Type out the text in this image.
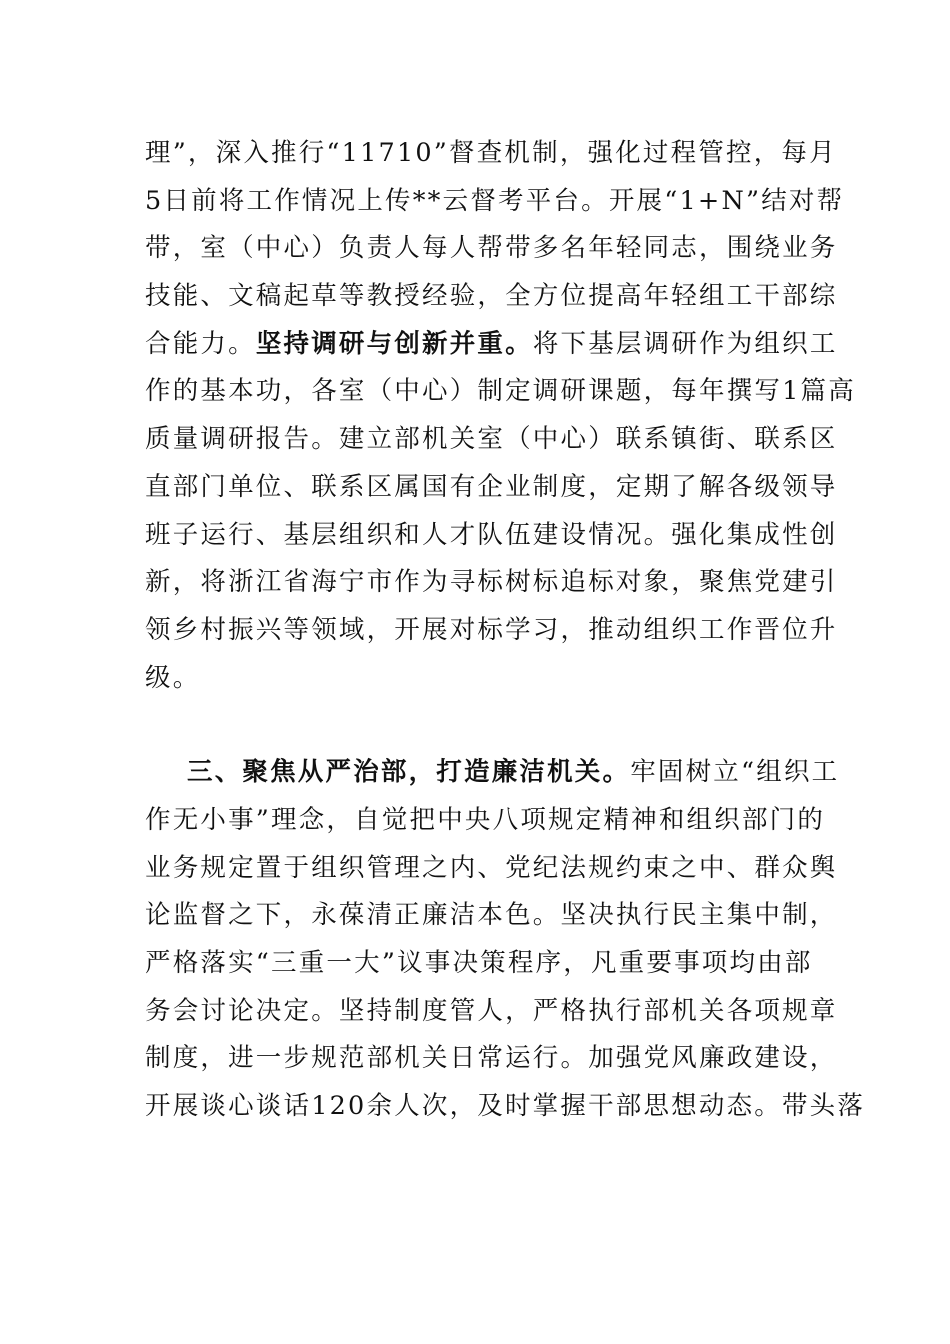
理”，深入推行“11710”督查机制，强化过程管控，每月
5日前将工作情况上传**云督考平台。开展“1+N”结对帮
带，室（中心）负责人每人帮带多名年轻同志，围绕业务
技能、文稿起草等教授经验，全方位提高年轻组工干部综
合能力。坚持调研与创新并重。将下基层调研作为组织工
作的基本功，各室（中心）制定调研课题，每年撰写1篇高
质量调研报告。建立部机关室（中心）联系镇街、联系区
直部门单位、联系区属国有企业制度，定期了解各级领导
班子运行、基层组织和人才队伍建设情况。强化集成性创
新，将浙江省海宁市作为寻标树标追标对象，聚焦党建引
领乡村振兴等领域，开展对标学习，推动组织工作晋位升
级。
三、聚焦从严治部，打造廉洁机关。牢固树立“组织工
作无小事”理念，自觉把中央八项规定精神和组织部门的
业务规定置于组织管理之内、党纪法规约束之中、群众舆
论监督之下，永葆清正廉洁本色。坚决执行民主集中制，
严格落实“三重一大”议事决策程序，凡重要事项均由部
务会讨论决定。坚持制度管人，严格执行部机关各项规章
制度，进一步规范部机关日常运行。加强党风廉政建设，
开展谈心谈话120余人次，及时掌握干部思想动态。带头落
